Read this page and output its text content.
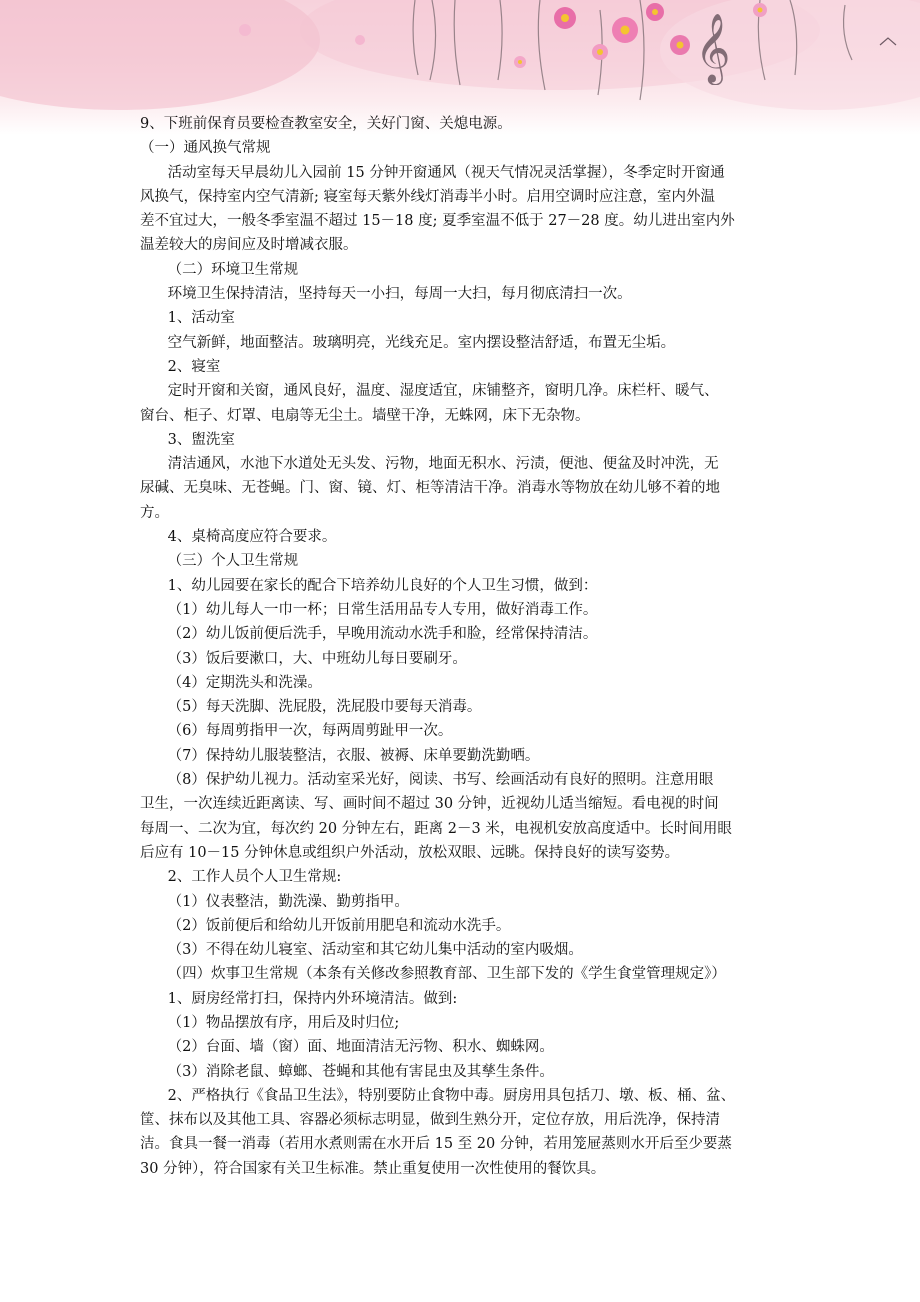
𝄞

9、下班前保育员要检查教室安全，关好门窗、关熄电源。

（一）通风换气常规

活动室每天早晨幼儿入园前 15 分钟开窗通风（视天气情况灵活掌握），冬季定时开窗通

风换气，保持室内空气清新; 寝室每天紫外线灯消毒半小时。启用空调时应注意，室内外温

差不宜过大，一般冬季室温不超过 15－18 度; 夏季室温不低于 27－28 度。幼儿进出室内外

温差较大的房间应及时增减衣服。

（二）环境卫生常规

环境卫生保持清洁，坚持每天一小扫，每周一大扫，每月彻底清扫一次。

1、活动室

空气新鲜，地面整洁。玻璃明亮，光线充足。室内摆设整洁舒适，布置无尘垢。

2、寝室

定时开窗和关窗，通风良好，温度、湿度适宜，床铺整齐，窗明几净。床栏杆、暖气、

窗台、柜子、灯罩、电扇等无尘土。墙壁干净，无蛛网，床下无杂物。

3、盥洗室

清洁通风，水池下水道处无头发、污物，地面无积水、污渍，便池、便盆及时冲洗，无

尿碱、无臭味、无苍蝇。门、窗、镜、灯、柜等清洁干净。消毒水等物放在幼儿够不着的地

方。

4、桌椅高度应符合要求。

（三）个人卫生常规

1、幼儿园要在家长的配合下培养幼儿良好的个人卫生习惯，做到：

（1）幼儿每人一巾一杯；日常生活用品专人专用，做好消毒工作。

（2）幼儿饭前便后洗手，早晚用流动水洗手和脸，经常保持清洁。

（3）饭后要漱口，大、中班幼儿每日要刷牙。

（4）定期洗头和洗澡。

（5）每天洗脚、洗屁股，洗屁股巾要每天消毒。

（6）每周剪指甲一次，每两周剪趾甲一次。

（7）保持幼儿服装整洁，衣服、被褥、床单要勤洗勤晒。

（8）保护幼儿视力。活动室采光好，阅读、书写、绘画活动有良好的照明。注意用眼

卫生，一次连续近距离读、写、画时间不超过 30 分钟，近视幼儿适当缩短。看电视的时间

每周一、二次为宜，每次约 20 分钟左右，距离 2－3 米，电视机安放高度适中。长时间用眼

后应有 10－15 分钟休息或组织户外活动，放松双眼、远眺。保持良好的读写姿势。

2、工作人员个人卫生常规:

（1）仪表整洁，勤洗澡、勤剪指甲。

（2）饭前便后和给幼儿开饭前用肥皂和流动水洗手。

（3）不得在幼儿寝室、活动室和其它幼儿集中活动的室内吸烟。

（四）炊事卫生常规（本条有关修改参照教育部、卫生部下发的《学生食堂管理规定》）

1、厨房经常打扫，保持内外环境清洁。做到:

（1）物品摆放有序，用后及时归位;

（2）台面、墙（窗）面、地面清洁无污物、积水、蜘蛛网。

（3）消除老鼠、蟑螂、苍蝇和其他有害昆虫及其孳生条件。

2、严格执行《食品卫生法》，特别要防止食物中毒。厨房用具包括刀、墩、板、桶、盆、

筐、抹布以及其他工具、容器必须标志明显，做到生熟分开，定位存放，用后洗净，保持清

洁。食具一餐一消毒（若用水煮则需在水开后 15 至 20 分钟，若用笼屉蒸则水开后至少要蒸

30 分钟），符合国家有关卫生标准。禁止重复使用一次性使用的餐饮具。
